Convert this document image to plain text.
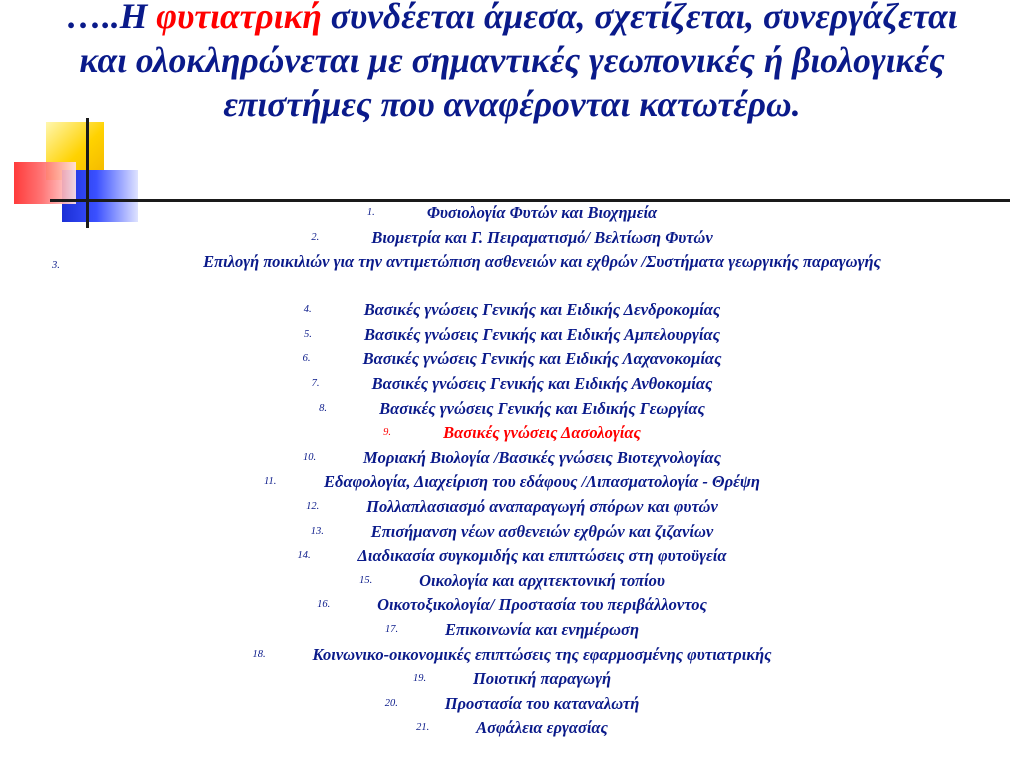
…..Η φυτιατρική συνδέεται άμεσα, σχετίζεται, συνεργάζεται και ολοκληρώνεται με σημαντικές γεωπονικές ή βιολογικές επιστήμες που αναφέρονται κατωτέρω.
1.	Φυσιολογία Φυτών και Βιοχημεία
2.	Βιομετρία και Γ. Πειραματισμό/ Βελτίωση Φυτών
3.	Επιλογή ποικιλιών για την αντιμετώπιση ασθενειών και εχθρών /Συστήματα γεωργικής παραγωγής
4.	Βασικές γνώσεις Γενικής και Ειδικής Δενδροκομίας
5.	Βασικές γνώσεις Γενικής και Ειδικής Αμπελουργίας
6.	Βασικές γνώσεις Γενικής και Ειδικής Λαχανοκομίας
7.	Βασικές γνώσεις Γενικής και Ειδικής Ανθοκομίας
8.	Βασικές γνώσεις Γενικής και Ειδικής Γεωργίας
9.	Βασικές γνώσεις Δασολογίας
10.	Μοριακή Βιολογία /Βασικές γνώσεις Βιοτεχνολογίας
11.	Εδαφολογία, Διαχείριση του εδάφους /Λιπασματολογία - Θρέψη
12.	Πολλαπλασιασμό αναπαραγωγή σπόρων και φυτών
13.	Επισήμανση νέων ασθενειών εχθρών και ζιζανίων
14.	Διαδικασία συγκομιδής και επιπτώσεις στη φυτοϋγεία
15.	Οικολογία και αρχιτεκτονική τοπίου
16.	Οικοτοξικολογία/ Προστασία του περιβάλλοντος
17.	Επικοινωνία και ενημέρωση
18.	Κοινωνικο-οικονομικές επιπτώσεις της εφαρμοσμένης φυτιατρικής
19.	Ποιοτική παραγωγή
20.	Προστασία του καταναλωτή
21.	Ασφάλεια εργασίας
